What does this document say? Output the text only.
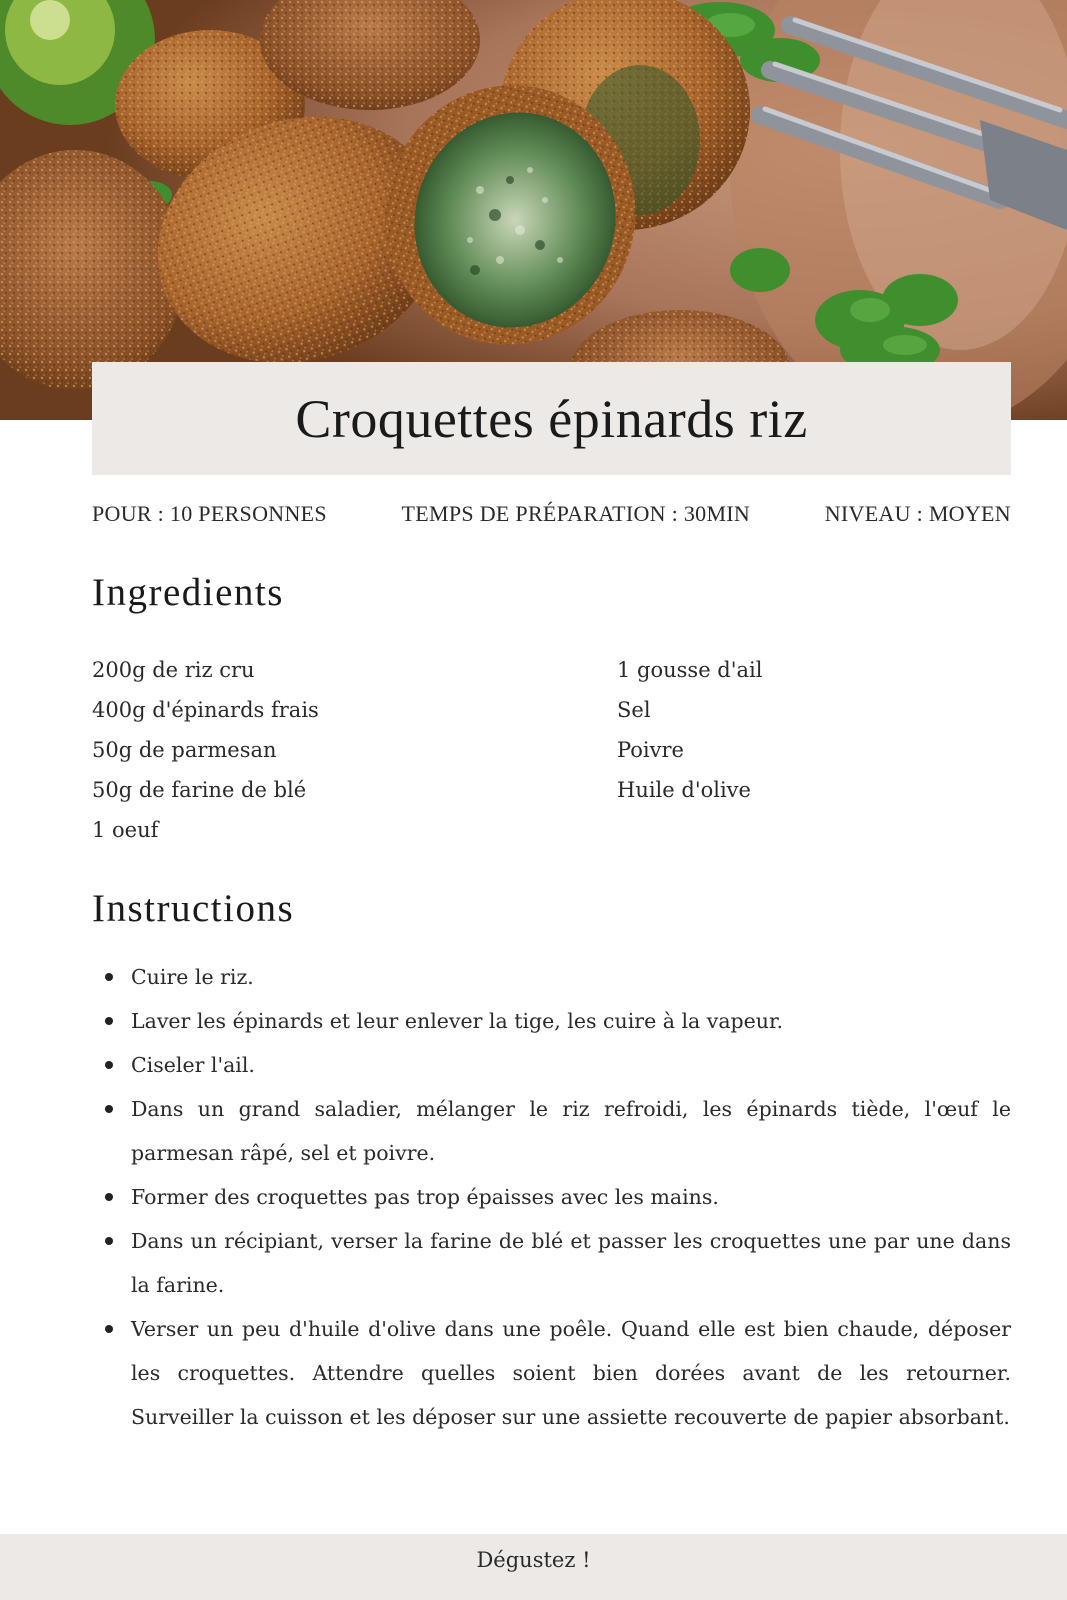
Croquettes épinards riz
POUR : 10 PERSONNES	TEMPS DE PRÉPARATION : 30MIN	NIVEAU : MOYEN
Ingredients
200g de riz cru
400g d'épinards frais
50g de parmesan
50g de farine de blé
1 oeuf
1 gousse d'ail
Sel
Poivre
Huile d'olive
Instructions
Cuire le riz.
Laver les épinards et leur enlever la tige, les cuire à la vapeur.
Ciseler l'ail.
Dans un grand saladier, mélanger le riz refroidi, les épinards tiède, l'œuf le parmesan râpé, sel et poivre.
Former des croquettes pas trop épaisses avec les mains.
Dans un récipiant, verser la farine de blé et passer les croquettes une par une dans la farine.
Verser un peu d'huile d'olive dans une poêle. Quand elle est bien chaude, déposer les croquettes. Attendre quelles soient bien dorées avant de les retourner. Surveiller la cuisson et les déposer sur une assiette recouverte de papier absorbant.
Dégustez !
